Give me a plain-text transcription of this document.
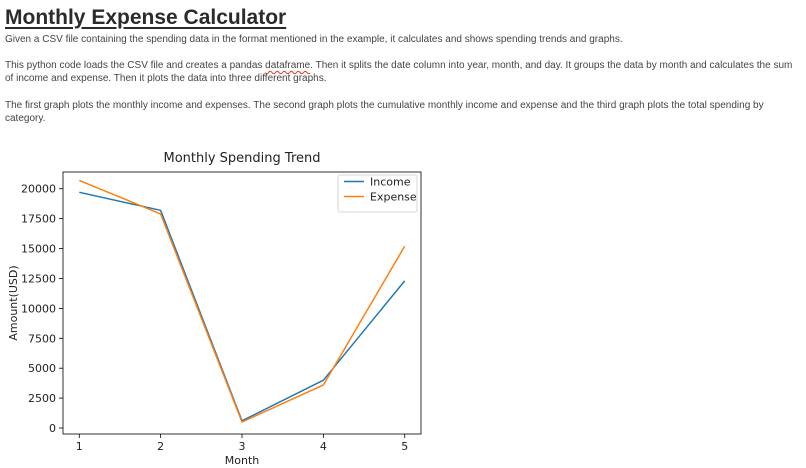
Monthly Expense Calculator

Given a CSV file containing the spending data in the format mentioned in the example, it calculates and shows spending trends and graphs.

This python code loads the CSV file and creates a pandas dataframe. Then it splits the date column into year, month, and day. It groups the data by month and calculates the sum of income and expense. Then it plots the data into three different graphs.

The first graph plots the monthly income and expenses. The second graph plots the cumulative monthly income and expense and the third graph plots the total spending by category.

Monthly Spending Trend
0
2500
5000
7500
10000
12500
15000
17500
20000
1	2	3	4	5
Month
Amount(USD)
Income
Expense
